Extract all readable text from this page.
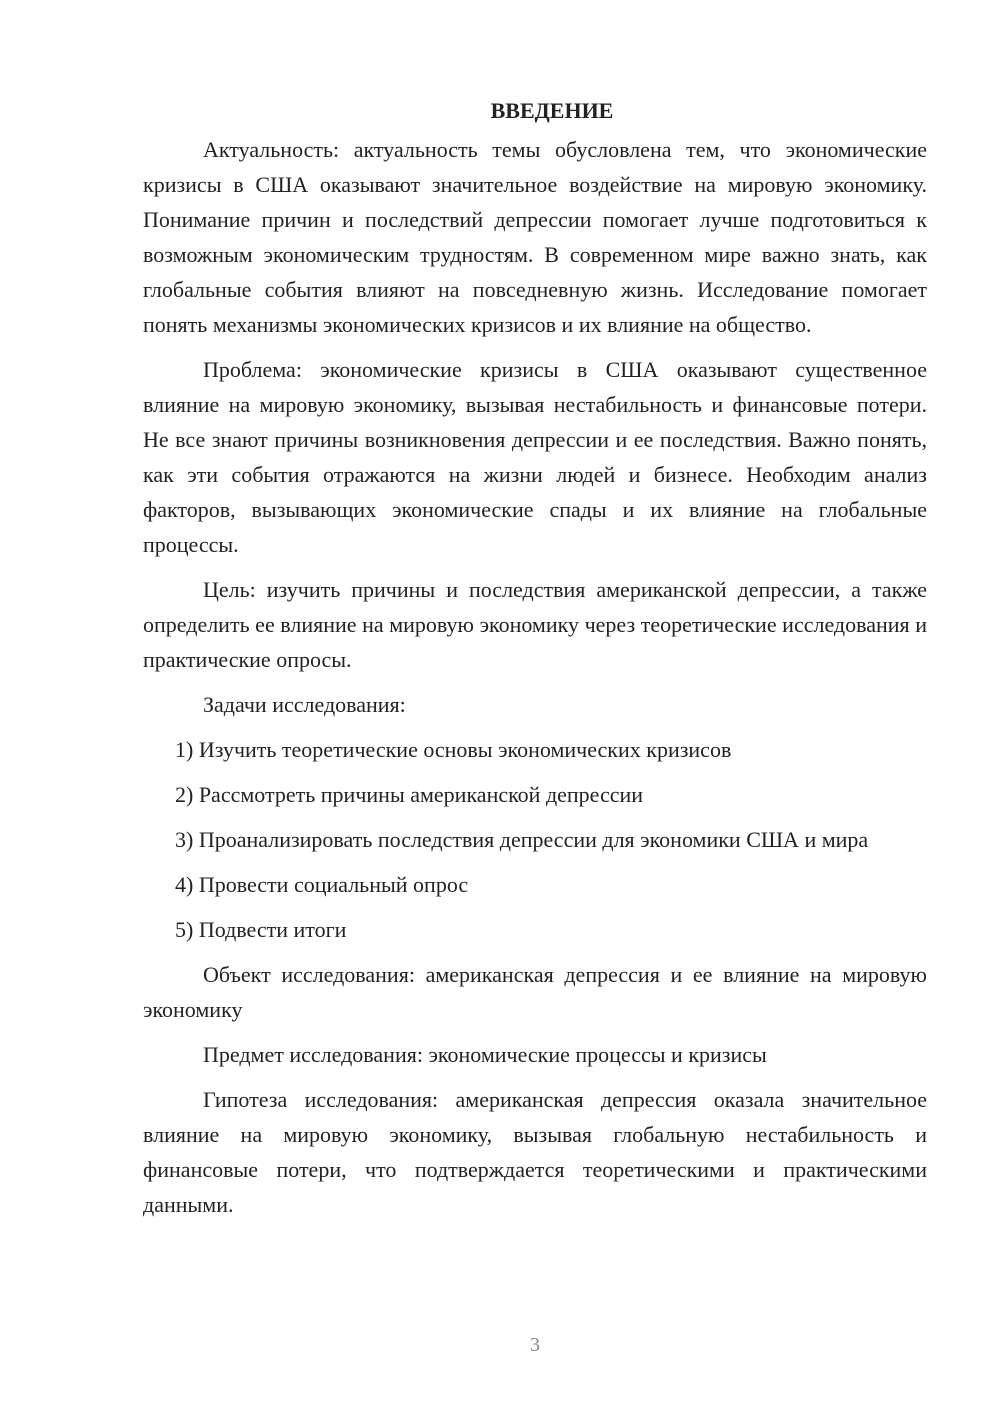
ВВЕДЕНИЕ

Актуальность: актуальность темы обусловлена тем, что экономические кризисы в США оказывают значительное воздействие на мировую экономику. Понимание причин и последствий депрессии помогает лучше подготовиться к возможным экономическим трудностям. В современном мире важно знать, как глобальные события влияют на повседневную жизнь. Исследование помогает понять механизмы экономических кризисов и их влияние на общество.

Проблема: экономические кризисы в США оказывают существенное влияние на мировую экономику, вызывая нестабильность и финансовые потери. Не все знают причины возникновения депрессии и ее последствия. Важно понять, как эти события отражаются на жизни людей и бизнесе. Необходим анализ факторов, вызывающих экономические спады и их влияние на глобальные процессы.

Цель: изучить причины и последствия американской депрессии, а также определить ее влияние на мировую экономику через теоретические исследования и практические опросы.

Задачи исследования:

1) Изучить теоретические основы экономических кризисов

2) Рассмотреть причины американской депрессии

3) Проанализировать последствия депрессии для экономики США и мира

4) Провести социальный опрос

5) Подвести итоги

Объект исследования: американская депрессия и ее влияние на мировую экономику

Предмет исследования: экономические процессы и кризисы

Гипотеза исследования: американская депрессия оказала значительное влияние на мировую экономику, вызывая глобальную нестабильность и финансовые потери, что подтверждается теоретическими и практическими данными.

3
